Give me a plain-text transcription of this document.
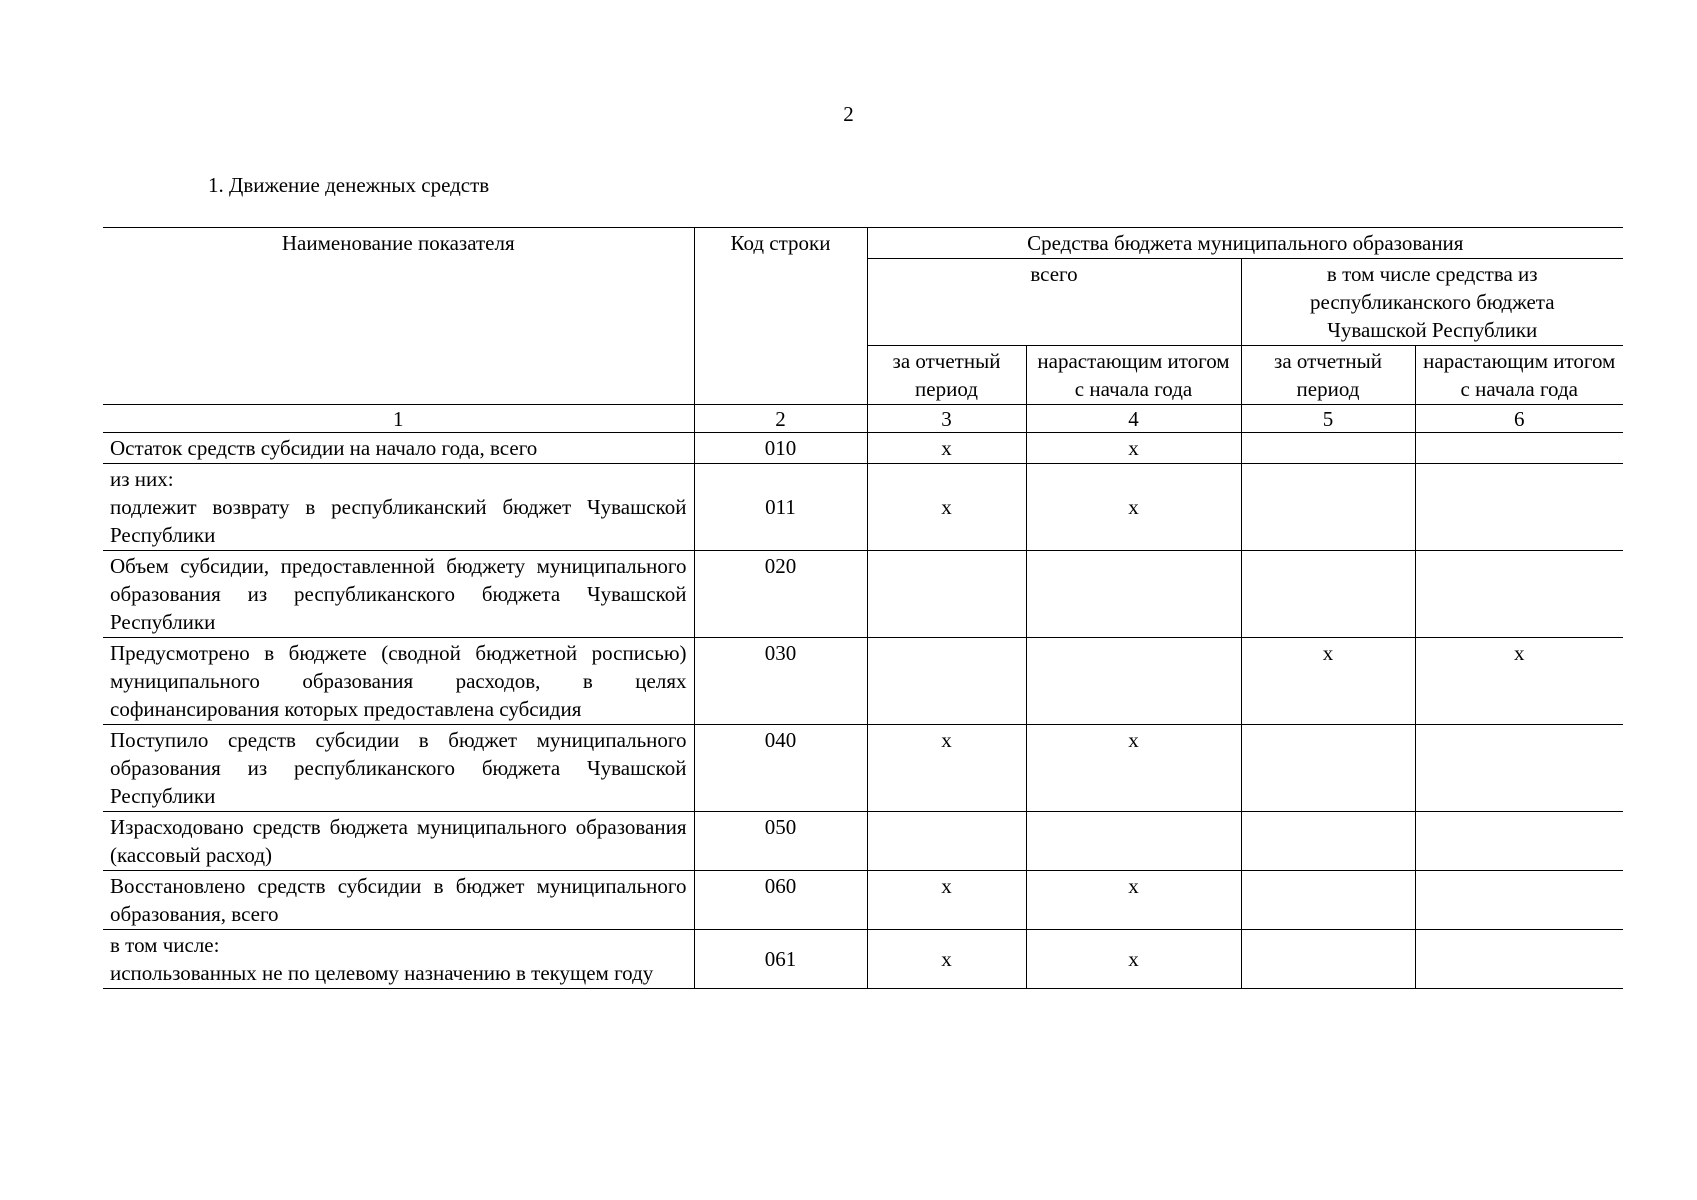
2
1. Движение денежных средств
Наименование показателя	Код строки	Средства бюджета муниципального образования			
		всего		в том числе средства из республиканского бюджета Чувашской Республики	

		за отчетный период	нарастающим итогом с начала года	за отчетный период	нарастающим итогом с начала года
1	2	3	4	5	6

Остаток средств субсидии на начало года, всего	010	x	x		

из них:
подлежит возврату в республиканский бюджет Чувашской Республики	011	x	x		

Объем субсидии, предоставленной бюджету муниципального образования из республиканского бюджета Чувашской Республики	020				

Предусмотрено в бюджете (сводной бюджетной росписью) муниципального образования расходов, в целях софинансирования которых предоставлена субсидия	030			x	x

Поступило средств субсидии в бюджет муниципального образования из республиканского бюджета Чувашской Республики	040	x	x		

Израсходовано средств бюджета муниципального образования (кассовый расход)	050				

Восстановлено средств субсидии в бюджет муниципального образования, всего	060	x	x		

в том числе:
использованных не по целевому назначению в текущем году	061	x	x		
